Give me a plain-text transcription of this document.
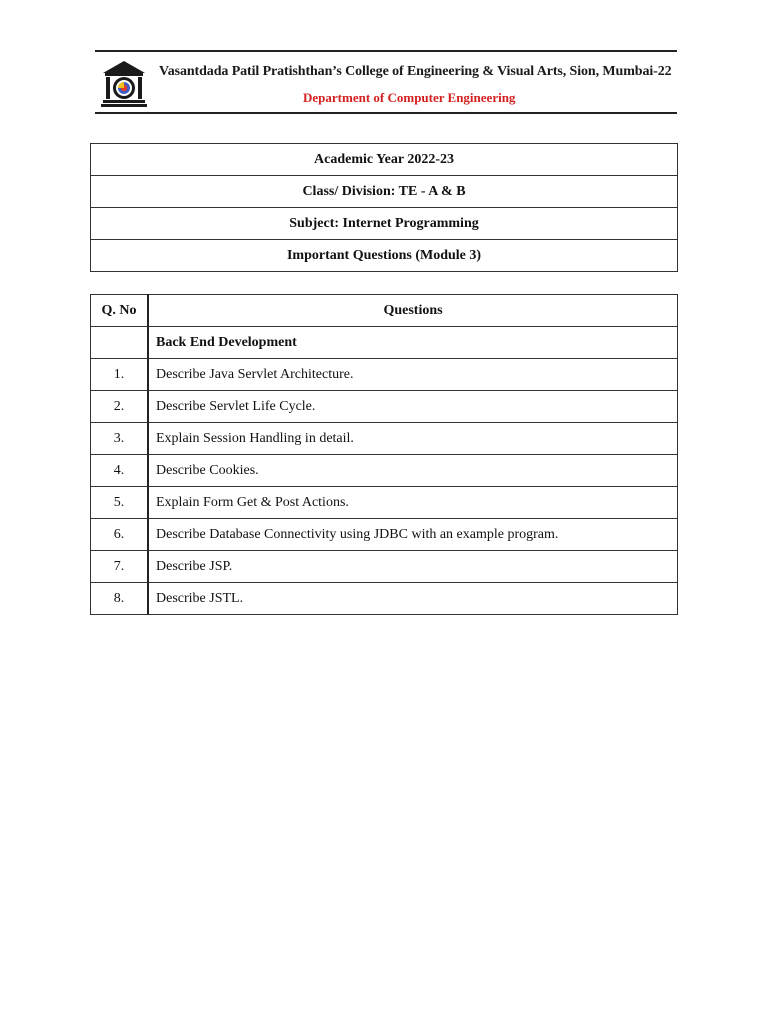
Vasantdada Patil Pratishthan’s College of Engineering & Visual Arts, Sion, Mumbai-22
Department of Computer Engineering
Academic Year 2022-23
Class/ Division: TE - A & B
Subject: Internet Programming
Important Questions (Module 3)
Q. No	Questions
	Back End Development
1.	Describe Java Servlet Architecture.
2.	Describe Servlet Life Cycle.
3.	Explain Session Handling in detail.
4.	Describe Cookies.
5.	Explain Form Get & Post Actions.
6.	Describe Database Connectivity using JDBC with an example program.
7.	Describe JSP.
8.	Describe JSTL.
